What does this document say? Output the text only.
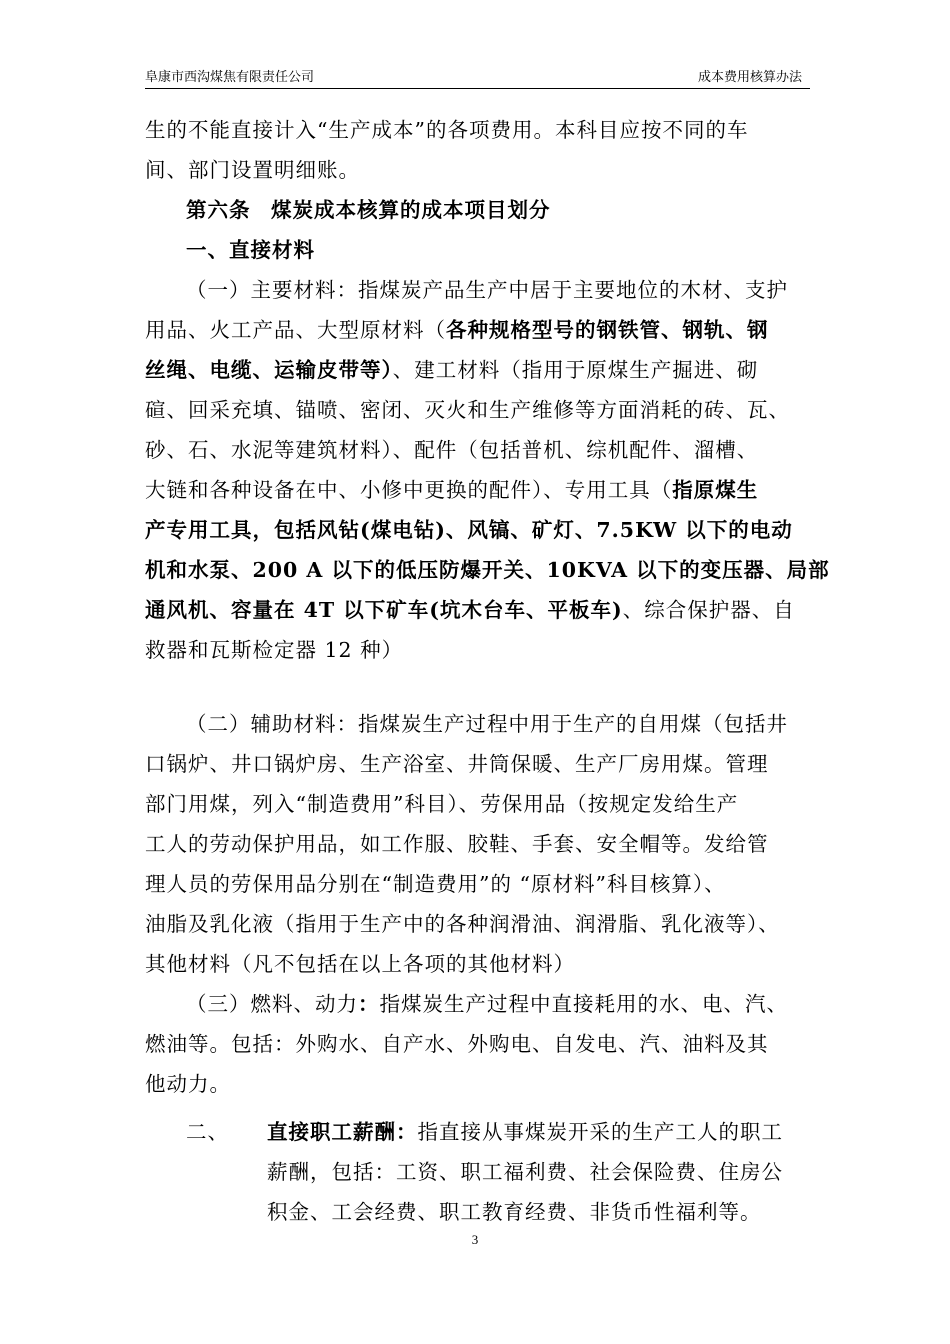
阜康市西沟煤焦有限责任公司	成本费用核算办法
生的不能直接计入“生产成本”的各项费用。本科目应按不同的车
间、部门设置明细账。
第六条 煤炭成本核算的成本项目划分
一、直接材料
（一）主要材料：指煤炭产品生产中居于主要地位的木材、支护
用品、火工产品、大型原材料（各种规格型号的钢铁管、钢轨、钢
丝绳、电缆、运输皮带等）、建工材料（指用于原煤生产掘进、砌
碹、回采充填、锚喷、密闭、灭火和生产维修等方面消耗的砖、瓦、
砂、石、水泥等建筑材料）、配件（包括普机、综机配件、溜槽、
大链和各种设备在中、小修中更换的配件）、专用工具（指原煤生
产专用工具，包括风钻(煤电钻)、风镐、矿灯、7.5KW 以下的电动
机和水泵、200 A 以下的低压防爆开关、10KVA 以下的变压器、局部
通风机、容量在 4T 以下矿车(坑木台车、平板车)、综合保护器、自
救器和瓦斯检定器 12 种）
（二）辅助材料：指煤炭生产过程中用于生产的自用煤（包括井
口锅炉、井口锅炉房、生产浴室、井筒保暖、生产厂房用煤。管理
部门用煤，列入“制造费用”科目）、劳保用品（按规定发给生产
工人的劳动保护用品，如工作服、胶鞋、手套、安全帽等。发给管
理人员的劳保用品分别在“制造费用”的 “原材料”科目核算）、
油脂及乳化液（指用于生产中的各种润滑油、润滑脂、乳化液等）、
其他材料（凡不包括在以上各项的其他材料）
（三）燃料、动力：指煤炭生产过程中直接耗用的水、电、汽、
燃油等。包括：外购水、自产水、外购电、自发电、汽、油料及其
他动力。
二、 直接职工薪酬：指直接从事煤炭开采的生产工人的职工
薪酬，包括：工资、职工福利费、社会保险费、住房公
积金、工会经费、职工教育经费、非货币性福利等。
3
